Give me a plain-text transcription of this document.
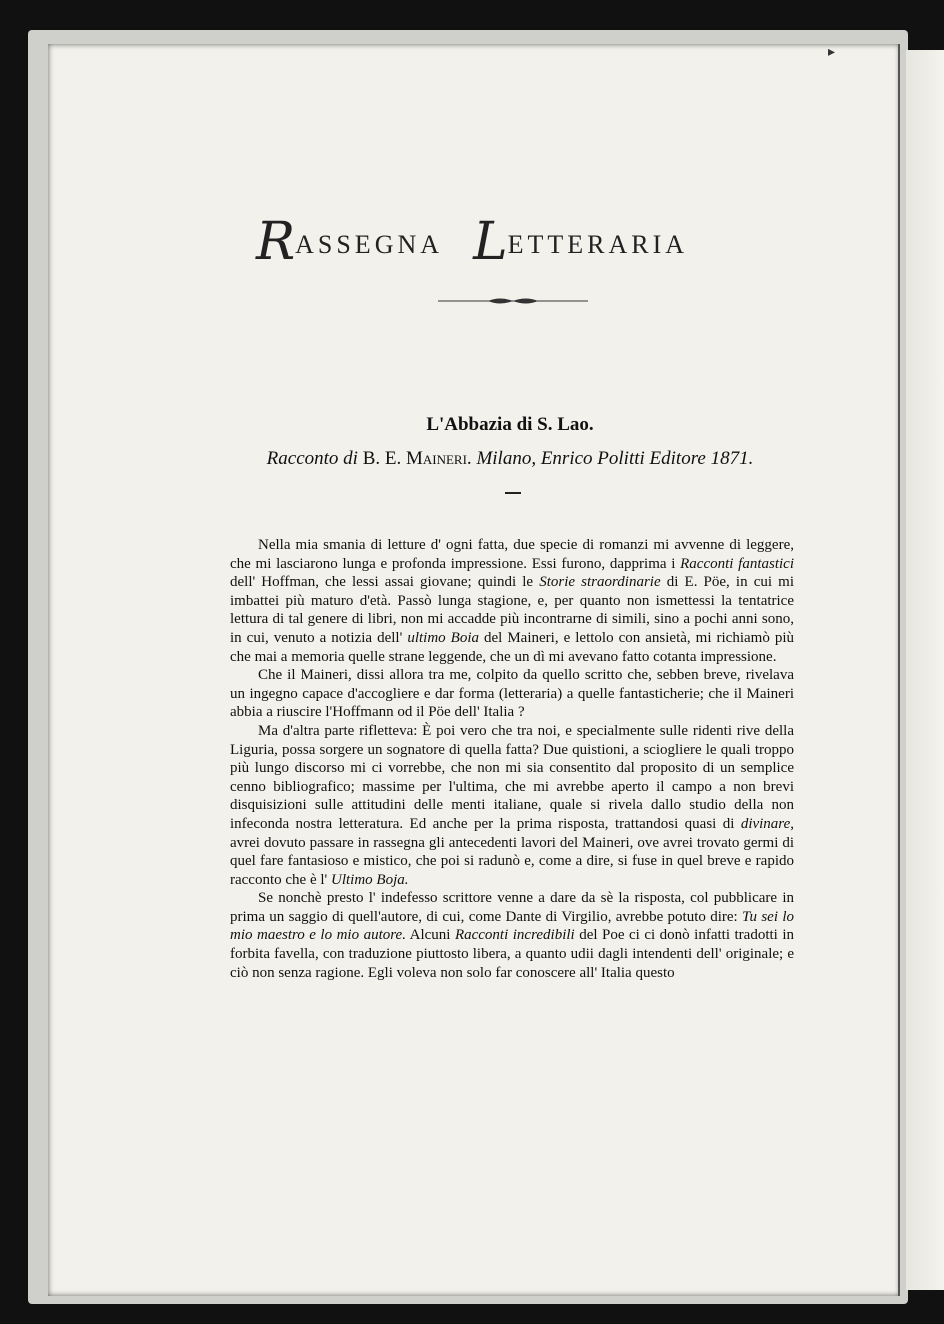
▸
RASSEGNA LETTERARIA
L'Abbazia di S. Lao.
Racconto di B. E. Maineri. Milano, Enrico Politti Editore 1871.

Nella mia smania di letture d' ogni fatta, due specie di romanzi mi avvenne di leggere, che mi lasciarono lunga e profonda impressione. Essi furono, dapprima i Racconti fantastici dell' Hoffman, che lessi assai giovane; quindi le Storie straordinarie di E. Pöe, in cui mi imbattei più maturo d'età. Passò lunga stagione, e, per quanto non ismettessi la tentatrice lettura di tal genere di libri, non mi accadde più incontrarne di simili, sino a pochi anni sono, in cui, venuto a notizia dell' ultimo Boia del Maineri, e lettolo con ansietà, mi richiamò più che mai a memoria quelle strane leggende, che un dì mi avevano fatto cotanta impressione.

Che il Maineri, dissi allora tra me, colpito da quello scritto che, sebben breve, rivelava un ingegno capace d'accogliere e dar forma (letteraria) a quelle fantasticherie; che il Maineri abbia a riuscire l'Hoffmann od il Pöe dell' Italia ?

Ma d'altra parte rifletteva: È poi vero che tra noi, e specialmente sulle ridenti rive della Liguria, possa sorgere un sognatore di quella fatta? Due quistioni, a sciogliere le quali troppo più lungo discorso mi ci vorrebbe, che non mi sia consentito dal proposito di un semplice cenno bibliografico; massime per l'ultima, che mi avrebbe aperto il campo a non brevi disquisizioni sulle attitudini delle menti italiane, quale si rivela dallo studio della non infeconda nostra letteratura. Ed anche per la prima risposta, trattandosi quasi di divinare, avrei dovuto passare in rassegna gli antecedenti lavori del Maineri, ove avrei trovato germi di quel fare fantasioso e mistico, che poi si radunò e, come a dire, si fuse in quel breve e rapido racconto che è l' Ultimo Boja.

Se nonchè presto l' indefesso scrittore venne a dare da sè la risposta, col pubblicare in prima un saggio di quell'autore, di cui, come Dante di Virgilio, avrebbe potuto dire: Tu sei lo mio maestro e lo mio autore. Alcuni Racconti incredibili del Poe ci ci donò infatti tradotti in forbita favella, con traduzione piuttosto libera, a quanto udii dagli intendenti dell' originale; e ciò non senza ragione. Egli voleva non solo far conoscere all' Italia questo
